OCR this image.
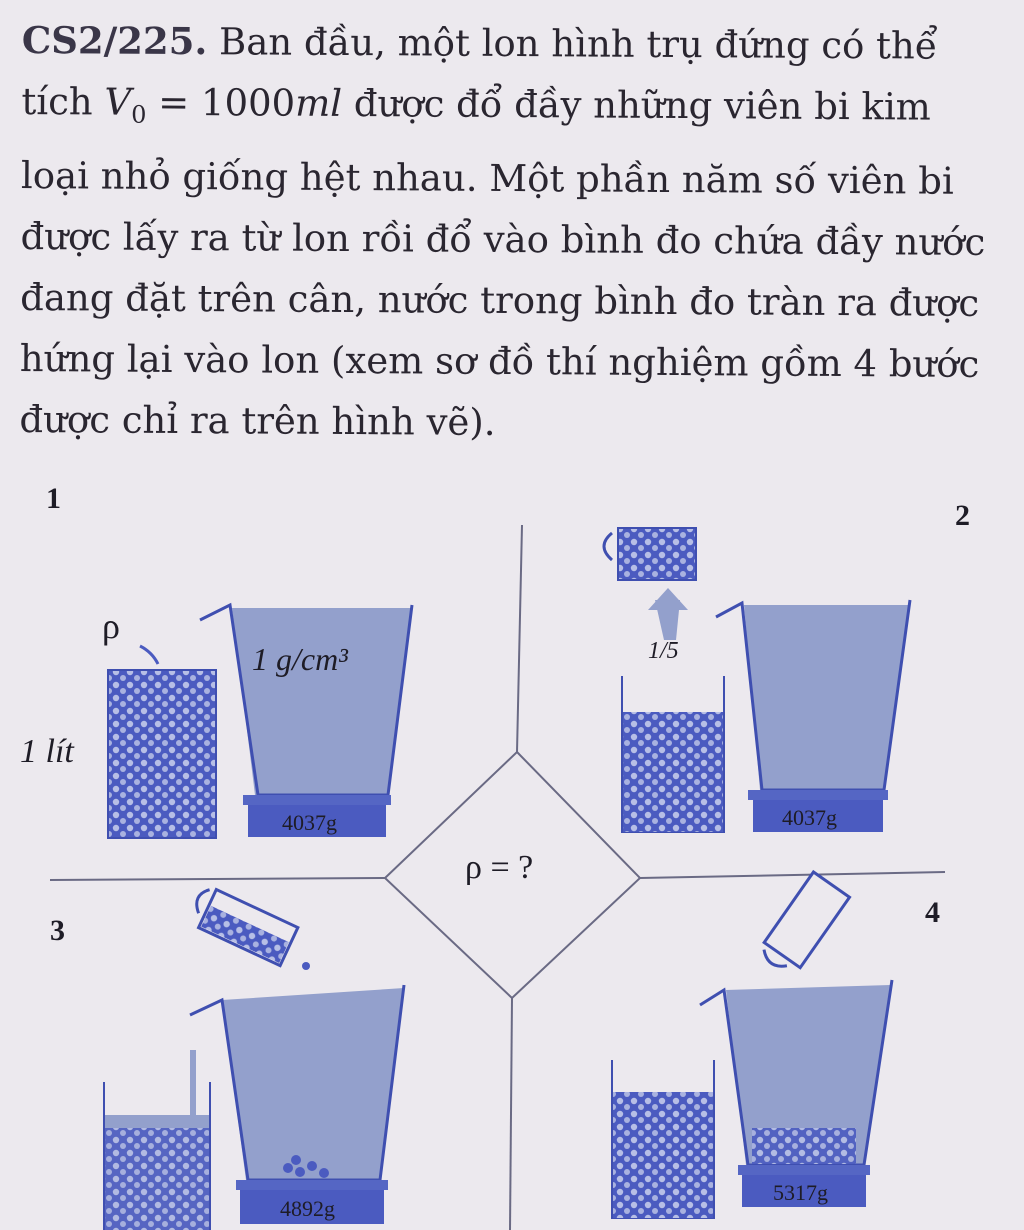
CS2/225. Ban đầu, một lon hình trụ đứng có thể tích $V_0 = 1000ml$ được đổ đầy những viên bi kim loại nhỏ giống hệt nhau. Một phần năm số viên bi được lấy ra từ lon rồi đổ vào bình đo chứa đầy nước đang đặt trên cân, nước trong bình đo tràn ra được hứng lại vào lon (xem sơ đồ thí nghiệm gồm 4 bước được chỉ ra trên hình vẽ).

ρ = ?
1
2
3
4
ρ
1 lít
1 g/cm³
4037g
1/5
4037g
4892g
5317g
